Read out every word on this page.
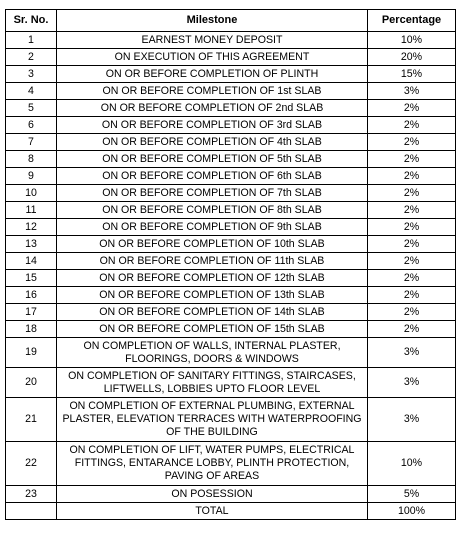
Sr. No.	Milestone	Percentage
1	EARNEST MONEY DEPOSIT	10%
2	ON EXECUTION OF THIS AGREEMENT	20%
3	ON OR BEFORE COMPLETION OF PLINTH	15%
4	ON OR BEFORE COMPLETION OF 1st SLAB	3%
5	ON OR BEFORE COMPLETION OF 2nd SLAB	2%
6	ON OR BEFORE COMPLETION OF 3rd SLAB	2%
7	ON OR BEFORE COMPLETION OF 4th SLAB	2%
8	ON OR BEFORE COMPLETION OF 5th SLAB	2%
9	ON OR BEFORE COMPLETION OF 6th SLAB	2%
10	ON OR BEFORE COMPLETION OF 7th SLAB	2%
11	ON OR BEFORE COMPLETION OF 8th SLAB	2%
12	ON OR BEFORE COMPLETION OF 9th SLAB	2%
13	ON OR BEFORE COMPLETION OF 10th SLAB	2%
14	ON OR BEFORE COMPLETION OF 11th SLAB	2%
15	ON OR BEFORE COMPLETION OF 12th SLAB	2%
16	ON OR BEFORE COMPLETION OF 13th SLAB	2%
17	ON OR BEFORE COMPLETION OF 14th SLAB	2%
18	ON OR BEFORE COMPLETION OF 15th SLAB	2%
19	ON COMPLETION OF WALLS, INTERNAL PLASTER, FLOORINGS, DOORS & WINDOWS	3%
20	ON COMPLETION OF SANITARY FITTINGS, STAIRCASES, LIFTWELLS, LOBBIES UPTO FLOOR LEVEL	3%
21	ON COMPLETION OF EXTERNAL PLUMBING, EXTERNAL PLASTER, ELEVATION TERRACES WITH WATERPROOFING OF THE BUILDING	3%
22	ON COMPLETION OF LIFT, WATER PUMPS, ELECTRICAL FITTINGS, ENTARANCE LOBBY, PLINTH PROTECTION, PAVING OF AREAS	10%
23	ON POSESSION	5%
	TOTAL	100%
